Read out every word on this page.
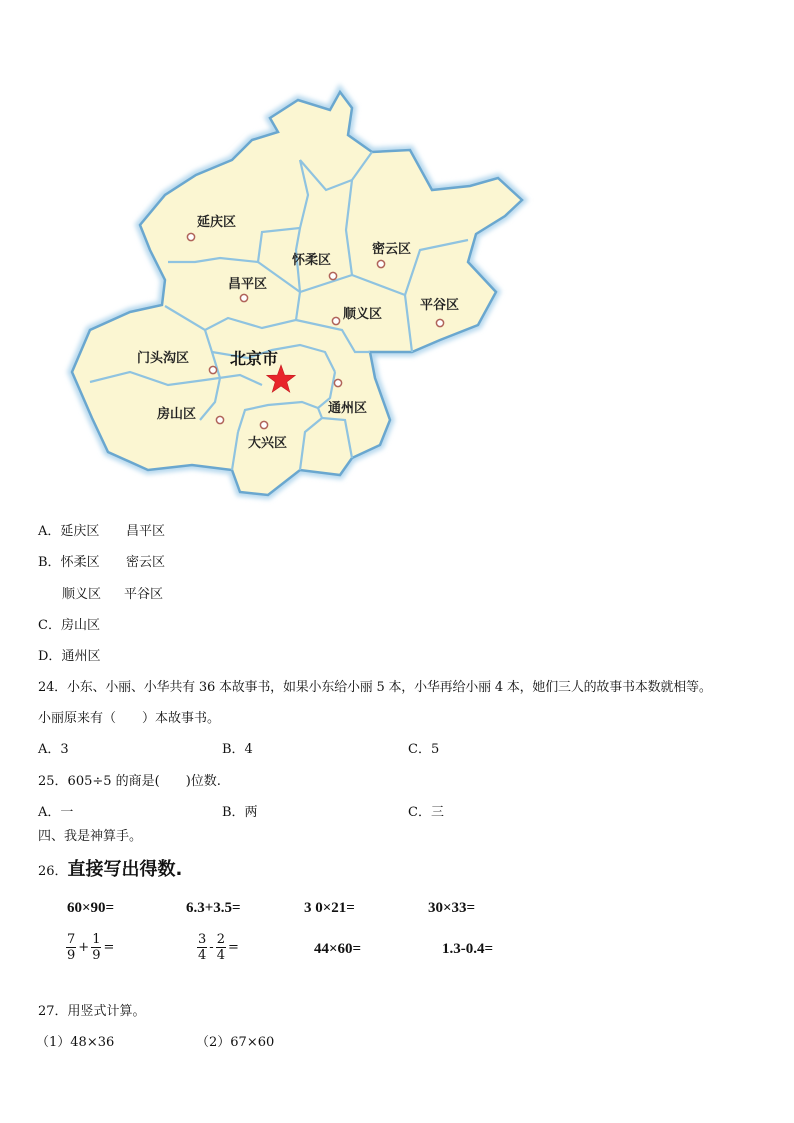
延庆区
怀柔区
密云区
昌平区
顺义区
平谷区
门头沟区
房山区
大兴区
通州区
北京市
A．延庆区 昌平区
B．怀柔区 密云区
顺义区 平谷区
C．房山区
D．通州区
24．小东、小丽、小华共有 36 本故事书，如果小东给小丽 5 本，小华再给小丽 4 本，她们三人的故事书本数就相等。
小丽原来有（　　）本故事书。
A．3	B．4	C．5
25．605÷5 的商是(　　)位数.
A．一	B．两	C．三
四、我是神算手。
26．直接写出得数.
60×90=	6.3+3.5=	3 0×21=	30×33=
$\frac{7}{9} + \frac{1}{9}$ =	$\frac{3}{4} - \frac{2}{4}$ =	44×60=	1.3-0.4=
27．用竖式计算。
（1）48×36	（2）67×60
